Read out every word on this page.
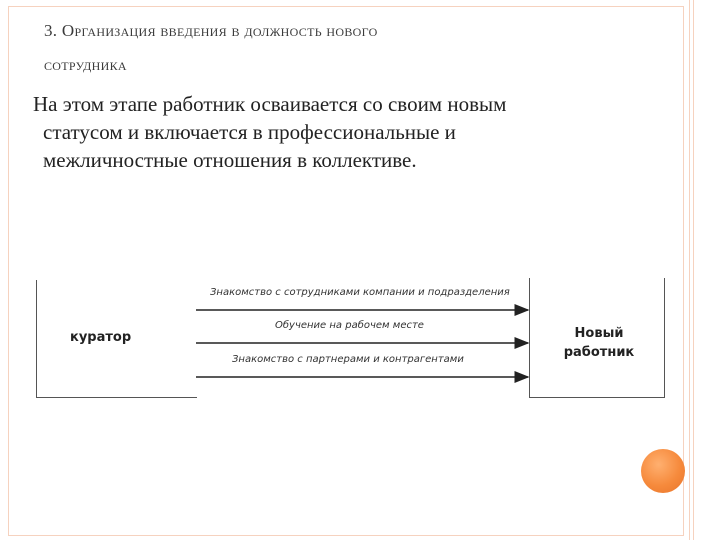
3. Организация введения в должность нового
сотрудника
На этом этапе работник осваивается со своим новым
статусом и включается в профессиональные и
межличностные отношения в коллективе.
куратор	Новый
работник
Знакомство с сотрудниками компании и подразделения
Обучение на рабочем месте
Знакомство с партнерами и контрагентами
